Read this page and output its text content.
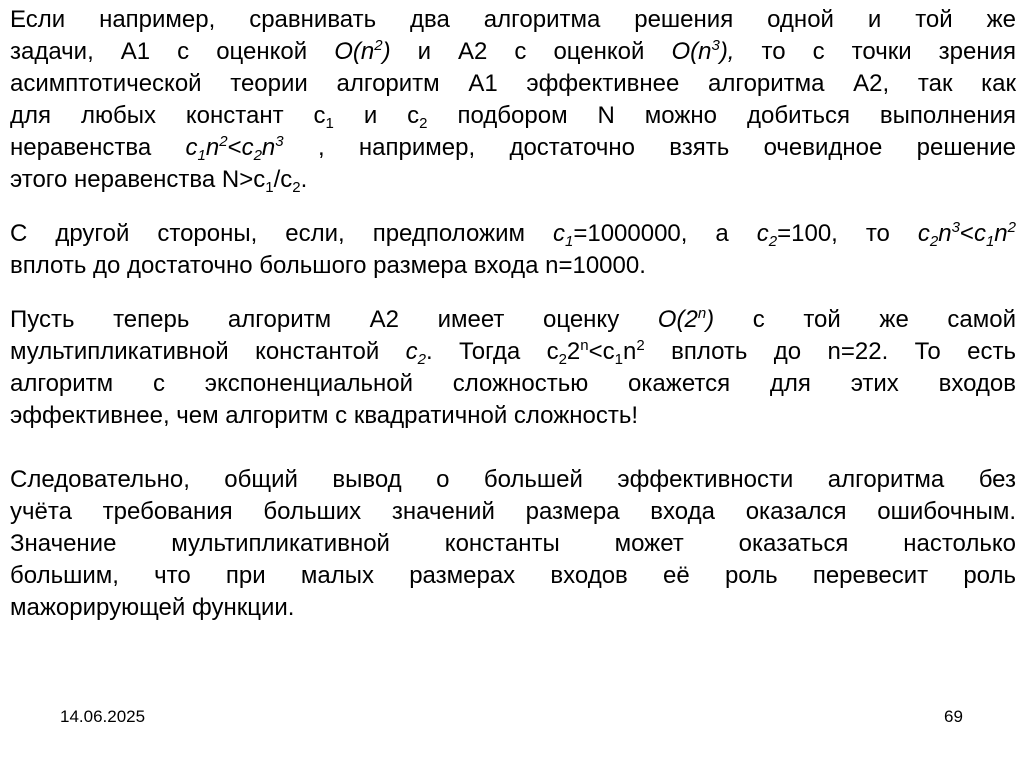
Если например, сравнивать два алгоритма решения одной и той же
задачи, A1 с оценкой $O(n^2)$ и A2 с оценкой $O(n^3)$, то с точки зрения
асимптотической теории алгоритм A1 эффективнее алгоритма A2, так как
для любых констант $c_1$ и $c_2$ подбором N можно добиться выполнения
неравенства $c_1n^2<c_2n^3$ , например, достаточно взять очевидное решение
этого неравенства $N>c_1/c_2$.
С другой стороны, если, предположим $c_1=1000000$, а $c_2=100$, то $c_2n^3<c_1n^2$
вплоть до достаточно большого размера входа n=10000.
Пусть теперь алгоритм A2 имеет оценку O(2$^n$) с той же самой
мультипликативной константой $c_2$. Тогда $c_22^n<c_1n^2$ вплоть до n=22. То есть
алгоритм с экспоненциальной сложностью окажется для этих входов
эффективнее, чем алгоритм с квадратичной сложность!
Следовательно, общий вывод о большей эффективности алгоритма без
учёта требования больших значений размера входа оказался ошибочным.
Значение мультипликативной константы может оказаться настолько
большим, что при малых размерах входов её роль перевесит роль
мажорирующей функции.
14.06.2025	69
